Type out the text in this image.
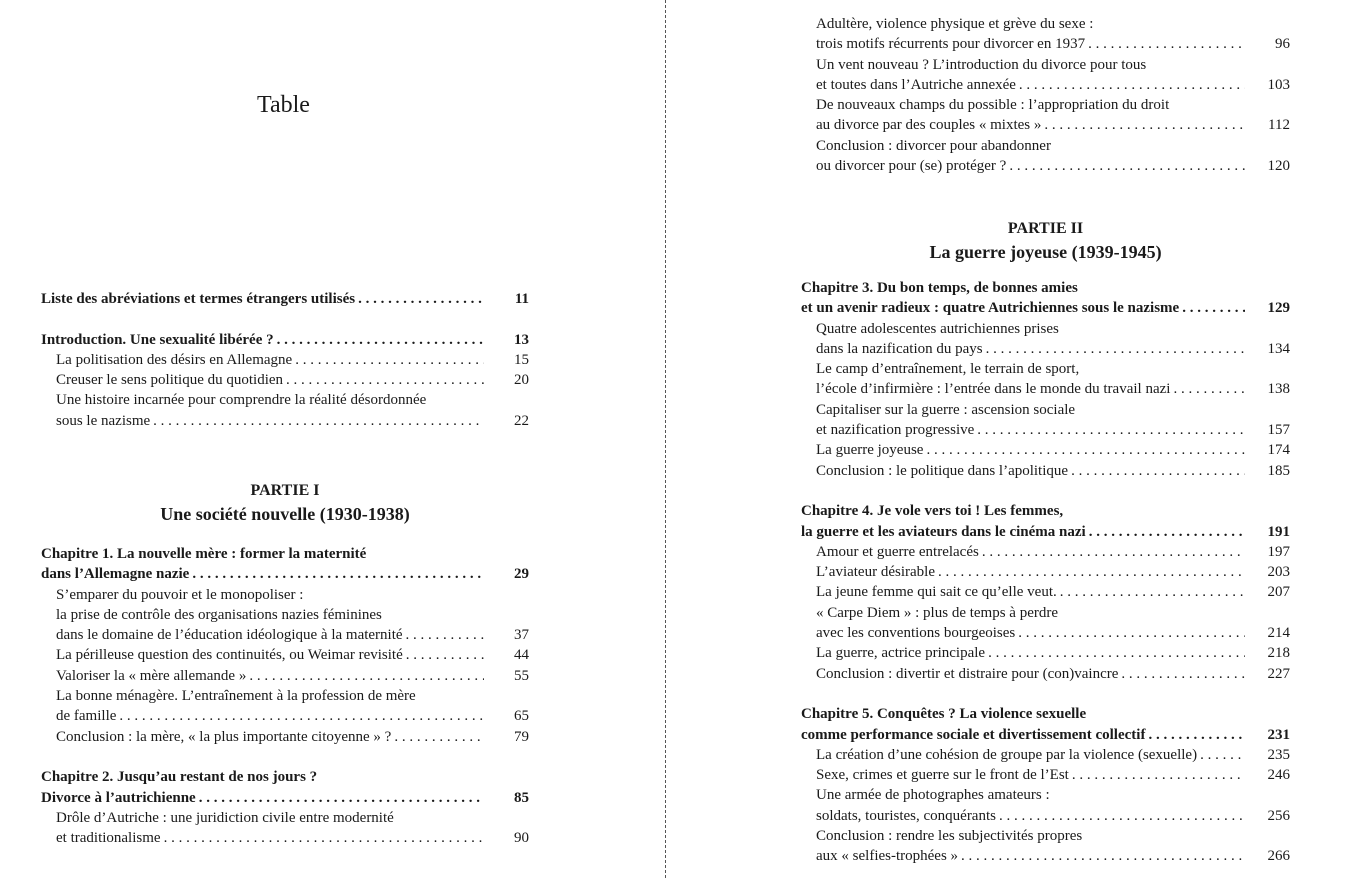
Table
Liste des abréviations et termes étrangers utilisés . . .	11
Introduction. Une sexualité libérée ? . . .	13
La politisation des désirs en Allemagne . . .	15
Creuser le sens politique du quotidien . . .	20
Une histoire incarnée pour comprendre la réalité désordonnée
sous le nazisme . . .	22
PARTIE I
Une société nouvelle (1930-1938)
Chapitre 1. La nouvelle mère : former la maternité
dans l’Allemagne nazie . . .	29
S’emparer du pouvoir et le monopoliser :
la prise de contrôle des organisations nazies féminines
dans le domaine de l’éducation idéologique à la maternité . . .	37
La périlleuse question des continuités, ou Weimar revisité . . .	44
Valoriser la « mère allemande » . . .	55
La bonne ménagère. L’entraînement à la profession de mère
de famille . . .	65
Conclusion : la mère, « la plus importante citoyenne » ? . . .	79
Chapitre 2. Jusqu’au restant de nos jours ?
Divorce à l’autrichienne . . .	85
Drôle d’Autriche : une juridiction civile entre modernité
et traditionalisme . . .	90
Adultère, violence physique et grève du sexe :
trois motifs récurrents pour divorcer en 1937 . . .	96
Un vent nouveau ? L’introduction du divorce pour tous
et toutes dans l’Autriche annexée . . .	103
De nouveaux champs du possible : l’appropriation du droit
au divorce par des couples « mixtes » . . .	112
Conclusion : divorcer pour abandonner
ou divorcer pour (se) protéger ? . . .	120
PARTIE II
La guerre joyeuse (1939-1945)
Chapitre 3. Du bon temps, de bonnes amies
et un avenir radieux : quatre Autrichiennes sous le nazisme . . .	129
Quatre adolescentes autrichiennes prises
dans la nazification du pays . . .	134
Le camp d’entraînement, le terrain de sport,
l’école d’infirmière : l’entrée dans le monde du travail nazi . . .	138
Capitaliser sur la guerre : ascension sociale
et nazification progressive . . .	157
La guerre joyeuse . . .	174
Conclusion : le politique dans l’apolitique . . .	185
Chapitre 4. Je vole vers toi ! Les femmes,
la guerre et les aviateurs dans le cinéma nazi . . .	191
Amour et guerre entrelacés . . .	197
L’aviateur désirable . . .	203
La jeune femme qui sait ce qu’elle veut. . . .	207
« Carpe Diem » : plus de temps à perdre
avec les conventions bourgeoises . . .	214
La guerre, actrice principale . . .	218
Conclusion : divertir et distraire pour (con)vaincre . . .	227
Chapitre 5. Conquêtes ? La violence sexuelle
comme performance sociale et divertissement collectif . . .	231
La création d’une cohésion de groupe par la violence (sexuelle) . . .	235
Sexe, crimes et guerre sur le front de l’Est . . .	246
Une armée de photographes amateurs :
soldats, touristes, conquérants . . .	256
Conclusion : rendre les subjectivités propres
aux « selfies-trophées » . . .	266
